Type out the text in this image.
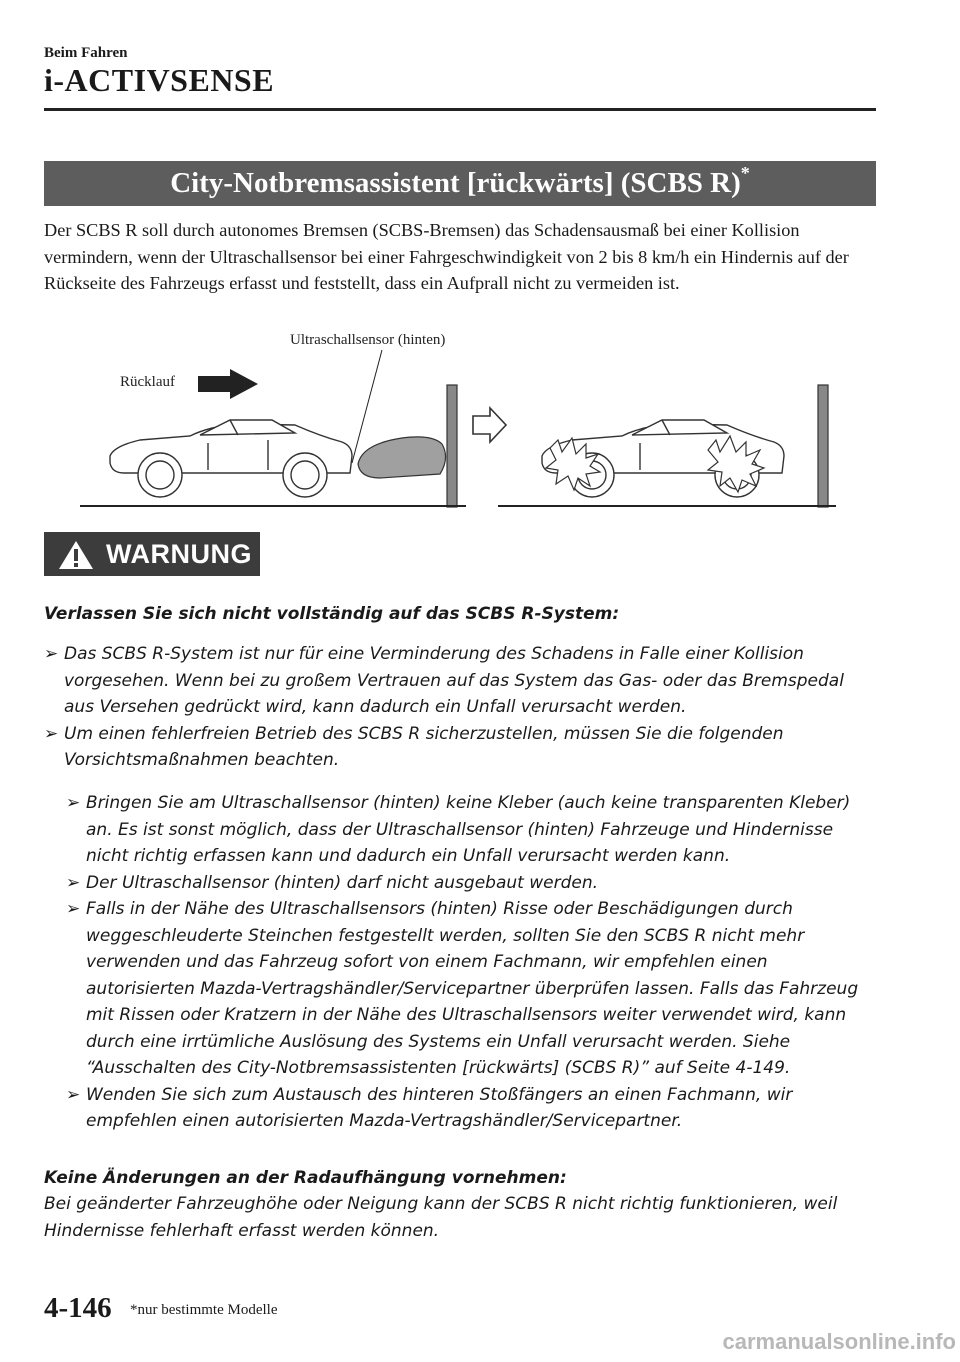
Beim Fahren
i-ACTIVSENSE
City-Notbremsassistent [rückwärts] (SCBS R)*
Der SCBS R soll durch autonomes Bremsen (SCBS-Bremsen) das Schadensausmaß bei einer Kollision vermindern, wenn der Ultraschallsensor bei einer Fahrgeschwindigkeit von 2 bis 8 km/h ein Hindernis auf der Rückseite des Fahrzeugs erfasst und feststellt, dass ein Aufprall nicht zu vermeiden ist.
Ultraschallsensor (hinten)
Rücklauf
WARNUNG
Verlassen Sie sich nicht vollständig auf das SCBS R-System:
➢ Das SCBS R-System ist nur für eine Verminderung des Schadens in Falle einer Kollision vorgesehen. Wenn bei zu großem Vertrauen auf das System das Gas- oder das Bremspedal aus Versehen gedrückt wird, kann dadurch ein Unfall verursacht werden.
➢ Um einen fehlerfreien Betrieb des SCBS R sicherzustellen, müssen Sie die folgenden Vorsichtsmaßnahmen beachten.
➢ Bringen Sie am Ultraschallsensor (hinten) keine Kleber (auch keine transparenten Kleber) an. Es ist sonst möglich, dass der Ultraschallsensor (hinten) Fahrzeuge und Hindernisse nicht richtig erfassen kann und dadurch ein Unfall verursacht werden kann.
➢ Der Ultraschallsensor (hinten) darf nicht ausgebaut werden.
➢ Falls in der Nähe des Ultraschallsensors (hinten) Risse oder Beschädigungen durch weggeschleuderte Steinchen festgestellt werden, sollten Sie den SCBS R nicht mehr verwenden und das Fahrzeug sofort von einem Fachmann, wir empfehlen einen autorisierten Mazda-Vertragshändler/Servicepartner überprüfen lassen. Falls das Fahrzeug mit Rissen oder Kratzern in der Nähe des Ultraschallsensors weiter verwendet wird, kann durch eine irrtümliche Auslösung des Systems ein Unfall verursacht werden. Siehe “Ausschalten des City-Notbremsassistenten [rückwärts] (SCBS R)” auf Seite 4-149.
➢ Wenden Sie sich zum Austausch des hinteren Stoßfängers an einen Fachmann, wir empfehlen einen autorisierten Mazda-Vertragshändler/Servicepartner.
Keine Änderungen an der Radaufhängung vornehmen:
Bei geänderter Fahrzeughöhe oder Neigung kann der SCBS R nicht richtig funktionieren, weil Hindernisse fehlerhaft erfasst werden können.
4-146 *nur bestimmte Modelle
carmanualsonline.info
